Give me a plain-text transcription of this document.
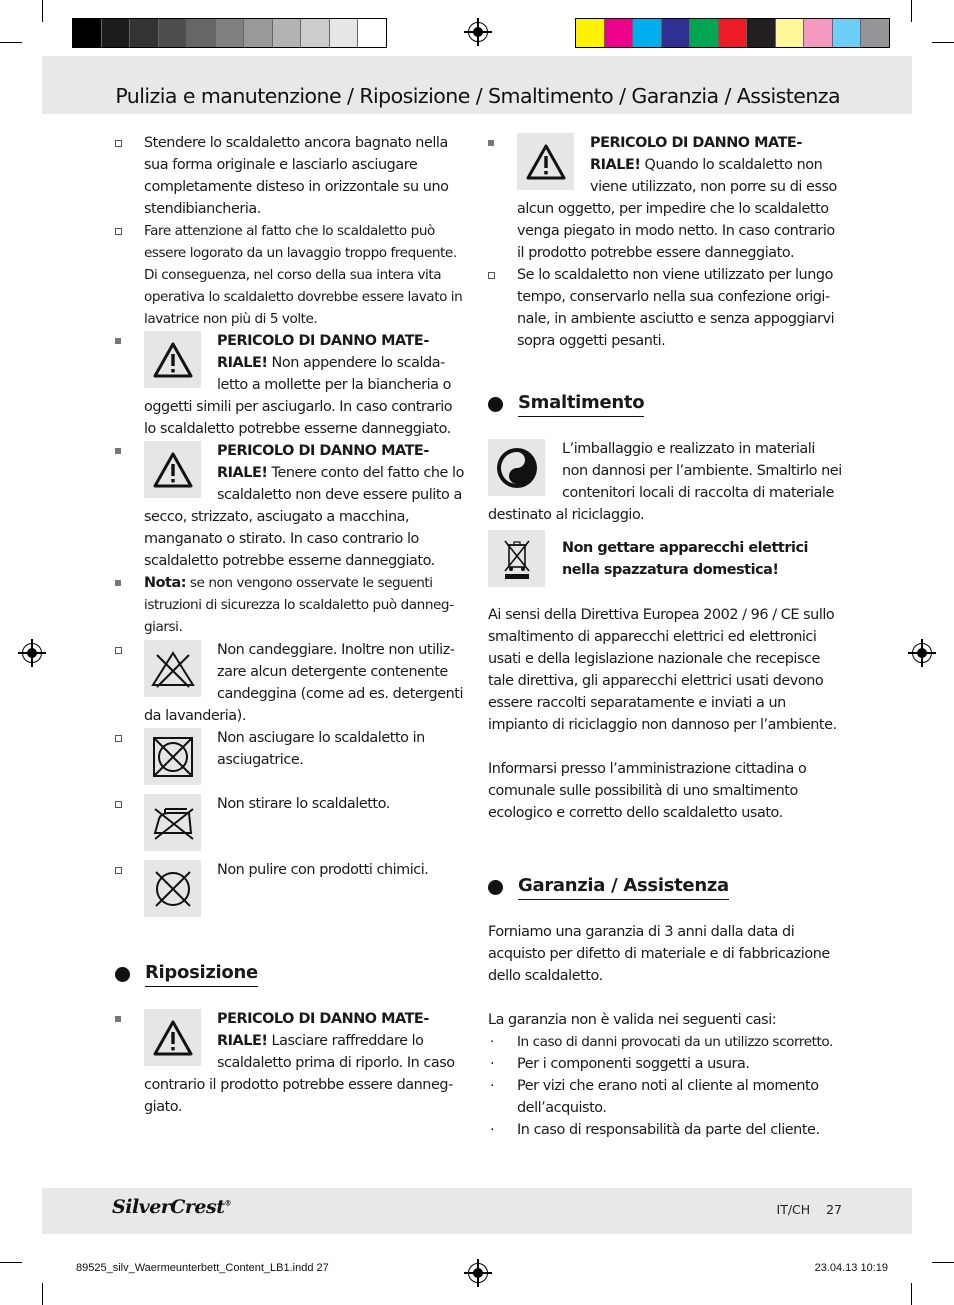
Pulizia e manutenzione / Riposizione / Smaltimento / Garanzia / Assistenza
Stendere lo scaldaletto ancora bagnato nella sua forma originale e lasciarlo asciugare completamente disteso in orizzontale su uno stendibiancheria.
Fare attenzione al fatto che lo scaldaletto può essere logorato da un lavaggio troppo frequente. Di conseguenza, nel corso della sua intera vita operativa lo scaldaletto dovrebbe essere lavato in lavatrice non più di 5 volte.
PERICOLO DI DANNO MATE- RIALE! Non appendere lo scalda- letto a mollette per la biancheria o oggetti simili per asciugarlo. In caso contrario lo scaldaletto potrebbe esserne danneggiato.
PERICOLO DI DANNO MATE- RIALE! Tenere conto del fatto che lo scaldaletto non deve essere pulito a secco, strizzato, asciugato a macchina, manganato o stirato. In caso contrario lo scaldaletto potrebbe esserne danneggiato.
Nota: se non vengono osservate le seguenti istruzioni di sicurezza lo scaldaletto può danneg- giarsi.
Non candeggiare. Inoltre non utiliz- zare alcun detergente contenente candeggina (come ad es. detergenti da lavanderia).
Non asciugare lo scaldaletto in asciugatrice.
Non stirare lo scaldaletto.
Non pulire con prodotti chimici.
Riposizione
PERICOLO DI DANNO MATE- RIALE! Lasciare raffreddare lo scaldaletto prima di riporlo. In caso contrario il prodotto potrebbe essere danneg- giato.
PERICOLO DI DANNO MATE- RIALE! Quando lo scaldaletto non viene utilizzato, non porre su di esso alcun oggetto, per impedire che lo scaldaletto venga piegato in modo netto. In caso contrario il prodotto potrebbe essere danneggiato.
Se lo scaldaletto non viene utilizzato per lungo tempo, conservarlo nella sua confezione origi- nale, in ambiente asciutto e senza appoggiarvi sopra oggetti pesanti.
Smaltimento
L’imballaggio e realizzato in materiali non dannosi per l’ambiente. Smaltirlo nei contenitori locali di raccolta di materiale destinato al riciclaggio.
Non gettare apparecchi elettrici nella spazzatura domestica!

Ai sensi della Direttiva Europea 2002 / 96 / CE sullo smaltimento di apparecchi elettrici ed elettronici usati e della legislazione nazionale che recepisce tale direttiva, gli apparecchi elettrici usati devono essere raccolti separatamente e inviati a un impianto di riciclaggio non dannoso per l’ambiente.

Informarsi presso l’amministrazione cittadina o comunale sulle possibilità di uno smaltimento ecologico e corretto dello scaldaletto usato.

Garanzia / Assistenza

Forniamo una garanzia di 3 anni dalla data di acquisto per difetto di materiale e di fabbricazione dello scaldaletto.

La garanzia non è valida nei seguenti casi:

· In caso di danni provocati da un utilizzo scorretto.
· Per i componenti soggetti a usura.
· Per vizi che erano noti al cliente al momento dell’acquisto.
· In caso di responsabilità da parte del cliente.
SilverCrest®	IT/CH 27
89525_silv_Waermeunterbett_Content_LB1.indd 27	23.04.13 10:19
